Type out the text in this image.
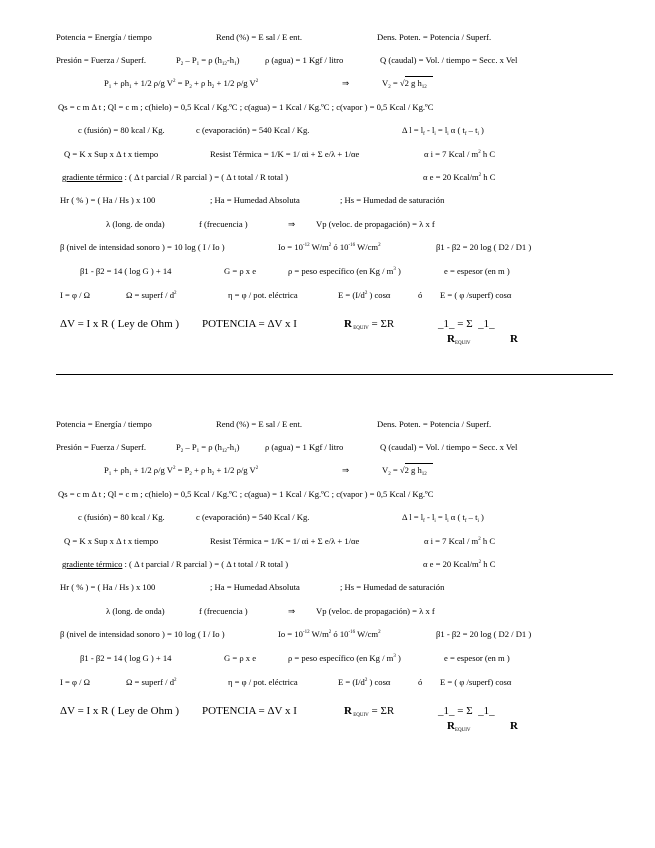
Potencia = Energía / tiempo	Rend (%) = E sal / E ent.	Dens. Poten. = Potencia / Superf.
Presión = Fuerza / Superf.	$P_2 - P_1 = \rho$ $(h_{12}-h_1)$	ρ (agua) = 1 Kgf / litro	Q (caudal) = Vol. / tiempo = Secc. x Vel
$P_1 + \rho h_1 + 1/2$ ρ/g $V^2 = P_2 + \rho$ $h_2 + 1/2$ ρ/g $V^2$	⇒	$V_2 = √2$ g $h_{12}$
Qs = c m Δ t ; Ql = c m ; c(hielo) = 0,5 Kcal / Kg.ºC ; c(agua) = 1 Kcal / Kg.ºC ; c(vapor ) = 0,5 Kcal / Kg.ºC
c (fusión) = 80 kcal / Kg.	c (evaporación) = 540 Kcal / Kg.	Δ $l = l_f - l_i = l_i$ α ( $t_f - t_i$ )
Q = K x Sup x Δ t x tiempo	Resist Térmica = 1/K = 1/ αi + Σ e/λ + 1/αe	α i = 7 Kcal / $m^2$ h C
gradiente térmico : ( Δ t parcial / R parcial ) = ( Δ t total / R total )	α e = 20 Kcal/$m^2$ h C
Hr ( % ) = ( Ha / Hs ) x 100	; Ha = Humedad Absoluta	; Hs = Humedad de saturación
λ (long. de onda)	f (frecuencia )	⇒ Vp (veloc. de propagación) = λ x f
β (nivel de intensidad sonoro ) = 10 log ( I / Io )	$Io = 10^{-12}$ $W/m^2$ ó $10^{-16}$ $W/cm^2$	β1 - β2 = 20 log ( D2 / D1 )
β1 - β2 = 14 ( log G ) + 14	G = ρ x e	ρ = peso específico (en Kg / $m^3$ )	e = espesor (en m )
I = φ / Ω	Ω = superf / $d^2$	η = φ / pot. eléctrica	$E = (I/d^2$ ) cosα	ó E = ( φ /superf) cosα
ΔV = I x R ( Ley de Ohm ) POTENCIA = ΔV x I	R $_{EQUIV}$ = ΣR	_1_ = Σ  _1_
$R_{EQUIV}$	R
Potencia = Energía / tiempo	Rend (%) = E sal / E ent.	Dens. Poten. = Potencia / Superf.
Presión = Fuerza / Superf.	$P_2 - P_1 = \rho$ $(h_{12}-h_1)$	ρ (agua) = 1 Kgf / litro	Q (caudal) = Vol. / tiempo = Secc. x Vel
$P_1 + \rho h_1 + 1/2$ ρ/g $V^2 = P_2 + \rho$ $h_2 + 1/2$ ρ/g $V^2$	⇒	$V_2 = √2$ g $h_{12}$
Qs = c m Δ t ; Ql = c m ; c(hielo) = 0,5 Kcal / Kg.ºC ; c(agua) = 1 Kcal / Kg.ºC ; c(vapor ) = 0,5 Kcal / Kg.ºC
c (fusión) = 80 kcal / Kg.	c (evaporación) = 540 Kcal / Kg.	Δ $l = l_f - l_i = l_i$ α ( $t_f - t_i$ )
Q = K x Sup x Δ t x tiempo	Resist Térmica = 1/K = 1/ αi + Σ e/λ + 1/αe	α i = 7 Kcal / $m^2$ h C
gradiente térmico : ( Δ t parcial / R parcial ) = ( Δ t total / R total )	α e = 20 Kcal/$m^2$ h C
Hr ( % ) = ( Ha / Hs ) x 100	; Ha = Humedad Absoluta	; Hs = Humedad de saturación
λ (long. de onda)	f (frecuencia )	⇒ Vp (veloc. de propagación) = λ x f
β (nivel de intensidad sonoro ) = 10 log ( I / Io )	$Io = 10^{-12}$ $W/m^2$ ó $10^{-16}$ $W/cm^2$	β1 - β2 = 20 log ( D2 / D1 )
β1 - β2 = 14 ( log G ) + 14	G = ρ x e	ρ = peso específico (en Kg / $m^3$ )	e = espesor (en m )
I = φ / Ω	Ω = superf / $d^2$	η = φ / pot. eléctrica	$E = (I/d^2$ ) cosα	ó E = ( φ /superf) cosα
ΔV = I x R ( Ley de Ohm ) POTENCIA = ΔV x I	R $_{EQUIV}$ = ΣR	_1_ = Σ  _1_
$R_{EQUIV}$	R
